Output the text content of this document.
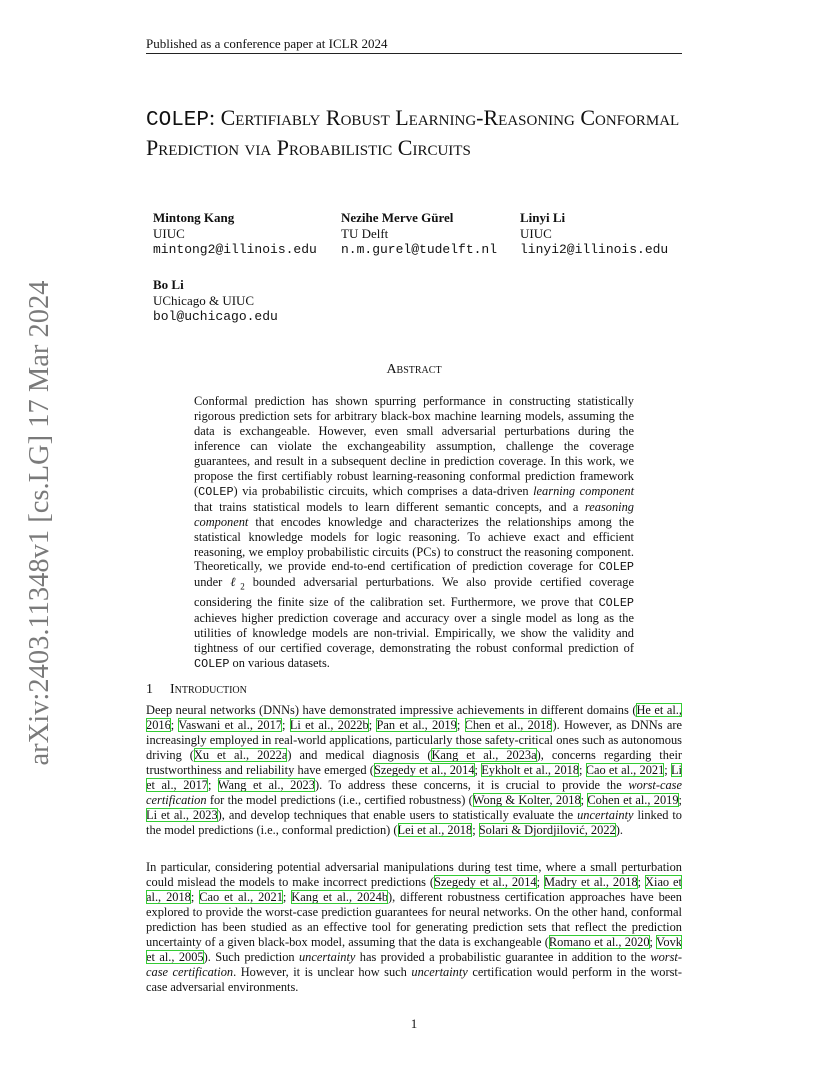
Published as a conference paper at ICLR 2024
arXiv:2403.11348v1 [cs.LG] 17 Mar 2024
COLEP: Certifiably Robust Learning-Reasoning Conformal Prediction via Probabilistic Circuits
Mintong Kang
UIUC
mintong2@illinois.edu
Nezihe Merve Gürel
TU Delft
n.m.gurel@tudelft.nl
Linyi Li
UIUC
linyi2@illinois.edu
Bo Li
UChicago & UIUC
bol@uchicago.edu
Abstract
Conformal prediction has shown spurring performance in constructing statistically rigorous prediction sets for arbitrary black-box machine learning models, assuming the data is exchangeable. However, even small adversarial perturbations during the inference can violate the exchangeability assumption, challenge the coverage guarantees, and result in a subsequent decline in prediction coverage. In this work, we propose the first certifiably robust learning-reasoning conformal prediction framework (COLEP) via probabilistic circuits, which comprises a data-driven learning component that trains statistical models to learn different semantic concepts, and a reasoning component that encodes knowledge and characterizes the relationships among the statistical knowledge models for logic reasoning. To achieve exact and efficient reasoning, we employ probabilistic circuits (PCs) to construct the reasoning component. Theoretically, we provide end-to-end certification of prediction coverage for COLEP under ℓ$_2$ bounded adversarial perturbations. We also provide certified coverage considering the finite size of the calibration set. Furthermore, we prove that COLEP achieves higher prediction coverage and accuracy over a single model as long as the utilities of knowledge models are non-trivial. Empirically, we show the validity and tightness of our certified coverage, demonstrating the robust conformal prediction of COLEP on various datasets.
1 Introduction
Deep neural networks (DNNs) have demonstrated impressive achievements in different domains (He et al., 2016; Vaswani et al., 2017; Li et al., 2022b; Pan et al., 2019; Chen et al., 2018). However, as DNNs are increasingly employed in real-world applications, particularly those safety-critical ones such as autonomous driving (Xu et al., 2022a) and medical diagnosis (Kang et al., 2023a), concerns regarding their trustworthiness and reliability have emerged (Szegedy et al., 2014; Eykholt et al., 2018; Cao et al., 2021; Li et al., 2017; Wang et al., 2023). To address these concerns, it is crucial to provide the worst-case certification for the model predictions (i.e., certified robustness) (Wong & Kolter, 2018; Cohen et al., 2019; Li et al., 2023), and develop techniques that enable users to statistically evaluate the uncertainty linked to the model predictions (i.e., conformal prediction) (Lei et al., 2018; Solari & Djordjilović, 2022).
In particular, considering potential adversarial manipulations during test time, where a small perturbation could mislead the models to make incorrect predictions (Szegedy et al., 2014; Madry et al., 2018; Xiao et al., 2018; Cao et al., 2021; Kang et al., 2024b), different robustness certification approaches have been explored to provide the worst-case prediction guarantees for neural networks. On the other hand, conformal prediction has been studied as an effective tool for generating prediction sets that reflect the prediction uncertainty of a given black-box model, assuming that the data is exchangeable (Romano et al., 2020; Vovk et al., 2005). Such prediction uncertainty has provided a probabilistic guarantee in addition to the worst-case certification. However, it is unclear how such uncertainty certification would perform in the worst-case adversarial environments.
1
